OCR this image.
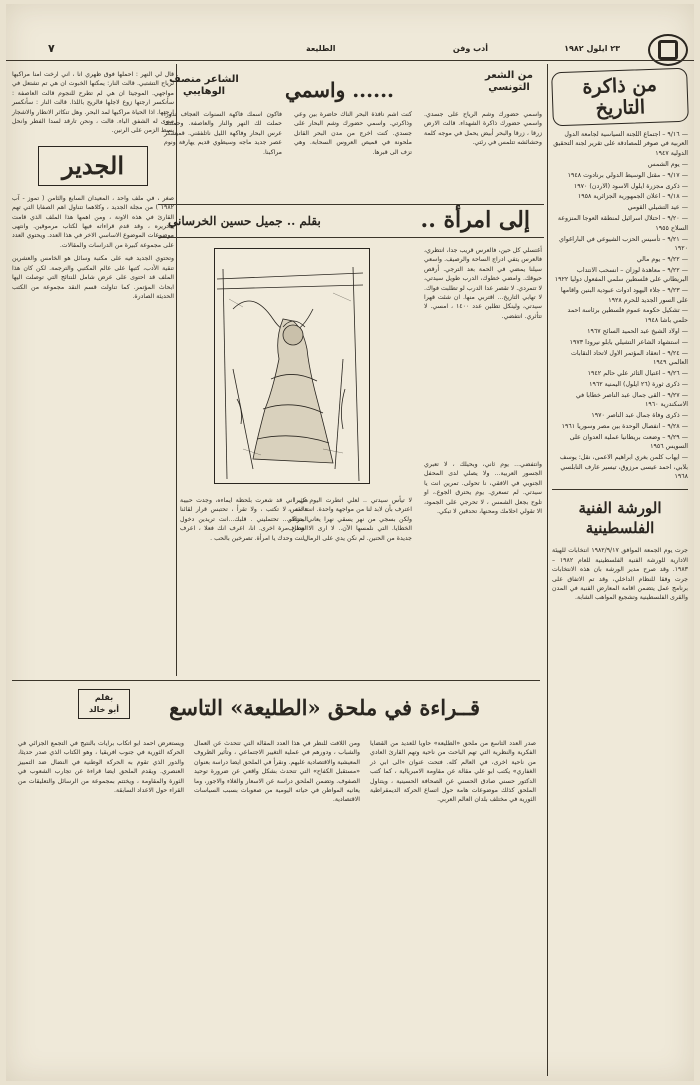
٢٣ ايلول ١٩٨٢
أدب وفن
الطليعة
٧
من ذاكرة التاريخ
— ٩/١٦ – اجتماع اللجنة السياسية لجامعة الدول العربية في صوفر للمصادقة على تقرير لجنة التحقيق الدولية ١٩٤٧
— يوم الشمس
— ٩/١٧ – مقتل الوسيط الدولي برنادوت ١٩٤٨
— ذكرى مجزرة ايلول الاسود (الاردن) ١٩٧٠
— ٩/١٨ – اعلان الجمهورية الجزائرية ١٩٥٨
— عيد التشيلي القومي
— ٩/٢٠ – احتلال اسرائيل لمنطقة العوجا المنزوعة السلاح ١٩٥٥
— ٩/٢١ – تأسيس الحزب الشيوعي في الباراغواي ١٩٢٠
— ٩/٢٢ – يوم مالي
— ٩/٢٢ – معاهدة لوزان – انسحب الانتداب البريطاني على فلسطين سلمي المفعول دوليا ١٩٢٢
— ٩/٢٣ – جلاء اليهود ادوات عبودية البنين واقامها على السور الجديد للحرم ١٩٢٨
— تشكيل حكومة عموم فلسطين برئاسة احمد حلمي باشا ١٩٤٨
— اولاد الشيخ عبد الحميد السائح ١٩٦٧
— استشهاد الشاعر التشيلي بابلو نيرودا ١٩٧٣
— ٩/٢٤ – انعقاد المؤتمر الاول لاتحاد النقابات العالمي ١٩٤٩
— ٩/٢٦ – اغتيال الثائر علي حالم ١٩٤٢
— ذكرى ثورة (٢٦ ايلول) اليمنية ١٩٦٢
— ٩/٢٧ – القى جمال عبد الناصر خطابا في الاسكندرية ١٩٦٠
— ذكرى وفاة جمال عبد الناصر ١٩٧٠
— ٩/٢٨ – انفصال الوحدة بين مصر وسوريا ١٩٦١
— ٩/٢٩ – وضعت بريطانيا عملية العدوان على السويس ١٩٥٦
— ايهاب كلمن بغري ابراهيم الاعمى، نقل: يوسف بلابي، احمد عيسى مرزوق، تيسير عارف النابلسي ١٩٦٨
الورشة الفنية الفلسطينية

جرت يوم الجمعة الموافق ١٩٨٢/٩/١٧ انتخابات للهيئة الادارية للورشة الفنية الفلسطينية للعام ١٩٨٢ – ١٩٨٣. وقد صرح مدير الورشة بان هذه الانتخابات جرت وفقا للنظام الداخلي، وقد تم الاتفاق على برنامج عمل يتضمن اقامة المعارض الفنية في المدن والقرى الفلسطينية وتشجيع المواهب الشابة.

من الشعر التونسي
...... واسمي
الشاعر منصف الوهايبي

واسمي حضورك وشم الرياح على جسدي. واسمي حضورك ذاكرة الشهداء. قالت الارض زرقا ، زرقا والبحر أبيض يحمل في موجه كلمة وحشائشه تتلمس في رئتي.

كنت اشم نافذة البحر الناك حاضرة بين وعي وذاكرتي. واسمي حضورك وشم البحار على جسدي. كنت اخرج من مدن البحر القاتل ملحونة في قميص العروس السحابة. وهي تزف الى قبرها.

فاكون اسمك فاكهة السنوات العجاف تدورا حملت لك النهر والنار والعاصفة. وحملتك عرس البحار وفاكهة الليل ناتلفقني. قمیشکر عصر جديد ماجه وسيطوي قديم يهارفة ونوم مراكبنا.

إلى امرأة ..
بقلم .. جميل حسين الخرساني

أغتسلي كل حين، فالعرس قريب جدا، انتظري، فالعرس يتفي ادراج الساحة والرصيف. واسعي سيلنا يمضي في الحمة بعد الترجي. أرقص حيوقك. وامضي خطوك، الدرب طويل سيدتي، لا تتمردي. لا تقصر عدا الدرب لو تطلبت فواك. لا تهابي التاريخ... اقتربي منها. ان شئت قهرا سيدتي، ولينكل تطلين عدد ١٤٠٠ ، امسي. لا تتأثري. انتفضي.

وانتفضي... يوم ثاني، وبحيلك ، لا تعبري الجسور العربية... ولا يصلي لدى المحفل الجنوبي في الافقي، نا تحولى. تمرين انت يا سيدتي. لم تسعري. يوم يحترق الجوع.، او تلوح بجعل الشمس ، لا تحرجي على الجمود، الا تقولي احلامك ومحنها، تحدقين لا تبكي.

لا تيأس سيدتي .. لعلي اتطرت اليوم كثيرا . اعترف بأن لابد لنا من مواجهة واحدة. انت امس، ولكن بسجي من نهر يسقي نهرا يعاني يتراكم الخطايا. التي نلمسها الآن.. لا ارى الا ضفاف جديدة من الحنين. لم نكن يدي على الرمال.

هي، اني قد شعرت بلحظة ايماءه، وجدت حبيبة هادئة ، لا تكتب ، ولا تقرأ ، تحتبس قرار لقائنا المنتظر... تحتمليني . قلبك...انت تريدين دخول الوطن مرة اخرى. انا، اعرف انك فعلا ، اعرف ..انت وحدك يا امرأة. تصرخين بالحب .

قال لي النهر : احملها فوق ظهري انا ، اني ارخت امنا مراكبها لرياح التشتبي. قالت النار: يمكنها الخبوت ان هي تم تشتعل في مواجهي. الموجيتا ان هي لم تطرح للنجوم قالت العاصفة : سأنكسر ارجتها زوع لاجلها فالريح باللذا. قالت النار : سأنكسر ارجتها. اذا الحياة مراكبها لمد البحر. وهل تنكاثر الانطار والاشجار سوى له الشفق الباء. قالت ، ونحن تارقد لسدا الفطر وانحل بسط الزمن على الرنين.

الجدير

صغر ، في ملف واحد ، المعيدان السابع والثامن ( تموز - آب ١٩٨٢ ) من مجلة الجديد ، وكلاهما تتناول اهم الصفايا التي تهم القارئ في هذه الاونة ، ومن اهمها هذا الملف الذي قامت بتحريره ، وقد قدم قراءاته فيها لكتاب مرموقين. وانتهى موضوعات الموضوع الاساسي الاخر في هذا العدد. ويحتوي العدد على مجموعة كبيرة من الدراسات والمقالات.

وتحتوي الجديد فيه على مكتبة وسائل هو الخامس والعشرين تنقية الأدب، كتبها على عالم المكتبي والترجمة. لكن كان هذا الملف قد احتوى على عرض شامل للنتائج التي توصلت اليها ابحاث المؤتمر. كما تناولت قسم النقد مجموعة من الكتب الحديثة الصادرة.

قــراءة في ملحق «الطليعة» التاسع
بقلم
أبو خالد

صدر العدد التاسع من ملحق «الطليعة» حاويا للعديد من القضايا الفكرية والنظرية التي تهم الباحث من ناحية وتهم القارئ العادي من ناحية اخرى، في العالم كله. فتحت عنوان «الى ابي ذر الغفاري» يكتب ابو علي مقالة عن مقاومة الامبريالية ، كما كتب الدكتور حسني صادق الحسني عن الصحافة الحسينية ، ويتناول الملحق كذلك موضوعات هامة حول اتساع الحركة الديمقراطية الثورية في مختلف بلدان العالم العربي.

ومن اللافت للنظر في هذا العدد المقالة التي تتحدث عن العمال والشباب ، ودورهم في عملية التغيير الاجتماعي ، وتأثير الظروف المعيشية والاقتصادية عليهم. ونقرأ في الملحق ايضا دراسة بعنوان «مستقبل الكفاح» التي تتحدث بشكل واقعي عن ضرورة توحيد الصفوف. وتضمن الملحق دراسة عن الاسعار والغلاء والاجور، وما يعانيه المواطن في حياته اليومية من صعوبات بسبب السياسات الاقتصادية.

ويستعرض احمد ابو اتكاب برايات بالنتيج في التجمع الجزائي في الحركة الثورية في جنوب افريقيا ، وهو الكتاب الذي صدر حديثا، والدور الذي تقوم به الحركة الوطنية في النضال ضد التمييز العنصري. ويقدم الملحق ايضا قراءة عن تجارب الشعوب في الثورة والمقاومة ، ويختتم بمجموعة من الرسائل والتعليقات من القراء حول الاعداد السابقة.
